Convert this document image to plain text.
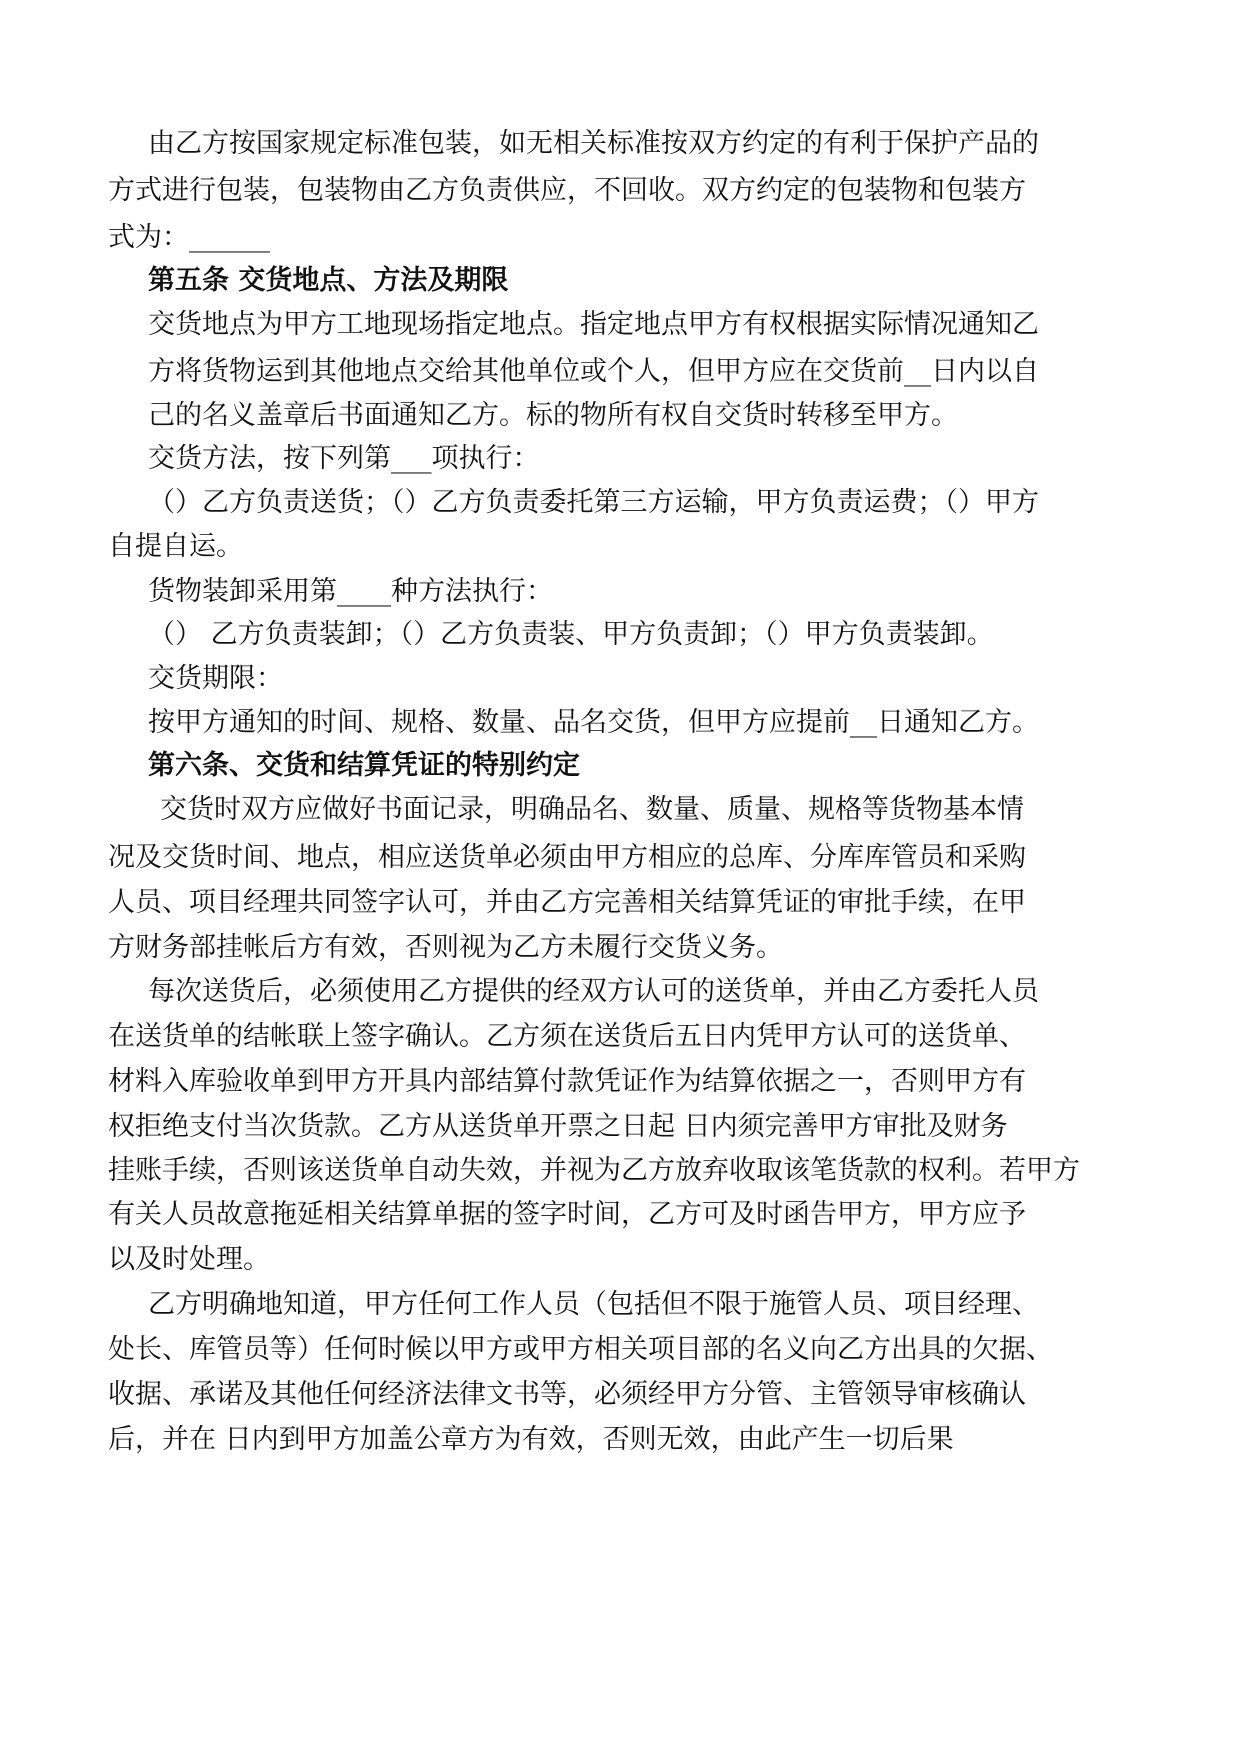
由乙方按国家规定标准包装，如无相关标准按双方约定的有利于保护产品的

方式进行包装，包装物由乙方负责供应，不回收。双方约定的包装物和包装方

式为：______

第五条 交货地点、方法及期限

交货地点为甲方工地现场指定地点。指定地点甲方有权根据实际情况通知乙

方将货物运到其他地点交给其他单位或个人，但甲方应在交货前__日内以自

己的名义盖章后书面通知乙方。标的物所有权自交货时转移至甲方。

交货方法，按下列第___项执行：

（）乙方负责送货；（）乙方负责委托第三方运输，甲方负责运费；（）甲方

自提自运。

货物装卸采用第____种方法执行：

（） 乙方负责装卸；（）乙方负责装、甲方负责卸；（）甲方负责装卸。

交货期限：

按甲方通知的时间、规格、数量、品名交货，但甲方应提前__日通知乙方。

第六条、交货和结算凭证的特别约定

交货时双方应做好书面记录，明确品名、数量、质量、规格等货物基本情

况及交货时间、地点，相应送货单必须由甲方相应的总库、分库库管员和采购

人员、项目经理共同签字认可，并由乙方完善相关结算凭证的审批手续，在甲

方财务部挂帐后方有效，否则视为乙方未履行交货义务。

每次送货后，必须使用乙方提供的经双方认可的送货单，并由乙方委托人员

在送货单的结帐联上签字确认。乙方须在送货后五日内凭甲方认可的送货单、

材料入库验收单到甲方开具内部结算付款凭证作为结算依据之一，否则甲方有

权拒绝支付当次货款。乙方从送货单开票之日起 日内须完善甲方审批及财务

挂账手续，否则该送货单自动失效，并视为乙方放弃收取该笔货款的权利。若甲方

有关人员故意拖延相关结算单据的签字时间，乙方可及时函告甲方，甲方应予

以及时处理。

乙方明确地知道，甲方任何工作人员（包括但不限于施管人员、项目经理、

处长、库管员等）任何时候以甲方或甲方相关项目部的名义向乙方出具的欠据、

收据、承诺及其他任何经济法律文书等，必须经甲方分管、主管领导审核确认

后，并在 日内到甲方加盖公章方为有效，否则无效，由此产生一切后果
